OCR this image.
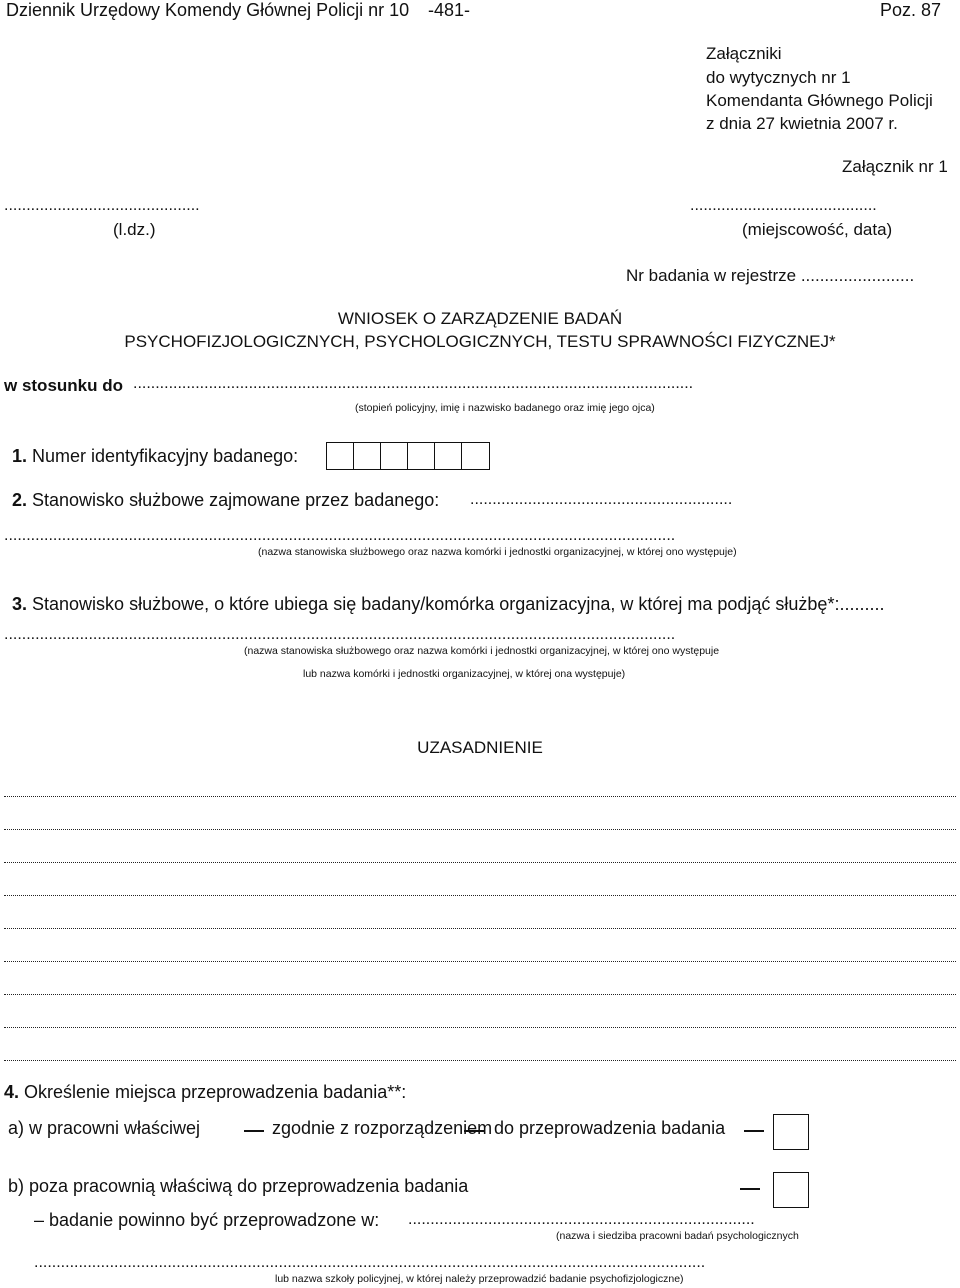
Dziennik Urzędowy Komendy Głównej Policji nr 10 -481-	Poz. 87
Załączniki
do wytycznych nr 1
Komendanta Głównego Policji
z dnia 27 kwietnia 2007 r.
Załącznik nr 1
............................................
(l.dz.)
..........................................
(miejscowość, data)
Nr badania w rejestrze ........................
WNIOSEK O ZARZĄDZENIE BADAŃ
PSYCHOFIZJOLOGICZNYCH, PSYCHOLOGICZNYCH, TESTU SPRAWNOŚCI FIZYCZNEJ*
w stosunku do ..............................................................................................................................
(stopień policyjny, imię i nazwisko badanego oraz imię jego ojca)
1. Numer identyfikacyjny badanego:
2. Stanowisko służbowe zajmowane przez badanego: ...........................................................
.......................................................................................................................................................
(nazwa stanowiska służbowego oraz nazwa komórki i jednostki organizacyjnej, w której ono występuje)
3. Stanowisko służbowe, o które ubiega się badany/komórka organizacyjna, w której ma podjąć służbę*:.........
.......................................................................................................................................................
(nazwa stanowiska służbowego oraz nazwa komórki i jednostki organizacyjnej, w której ono występuje
lub nazwa komórki i jednostki organizacyjnej, w której ona występuje)
UZASADNIENIE
4. Określenie miejsca przeprowadzenia badania**:
a) w pracowni właściwej	zgodnie z rozporządzeniem do przeprowadzenia badania
b) poza pracownią właściwą do przeprowadzenia badania
– badanie powinno być przeprowadzone w: ..............................................................................
(nazwa i siedziba pracowni badań psychologicznych
.......................................................................................................................................................
lub nazwa szkoły policyjnej, w której należy przeprowadzić badanie psychofizjologiczne)
